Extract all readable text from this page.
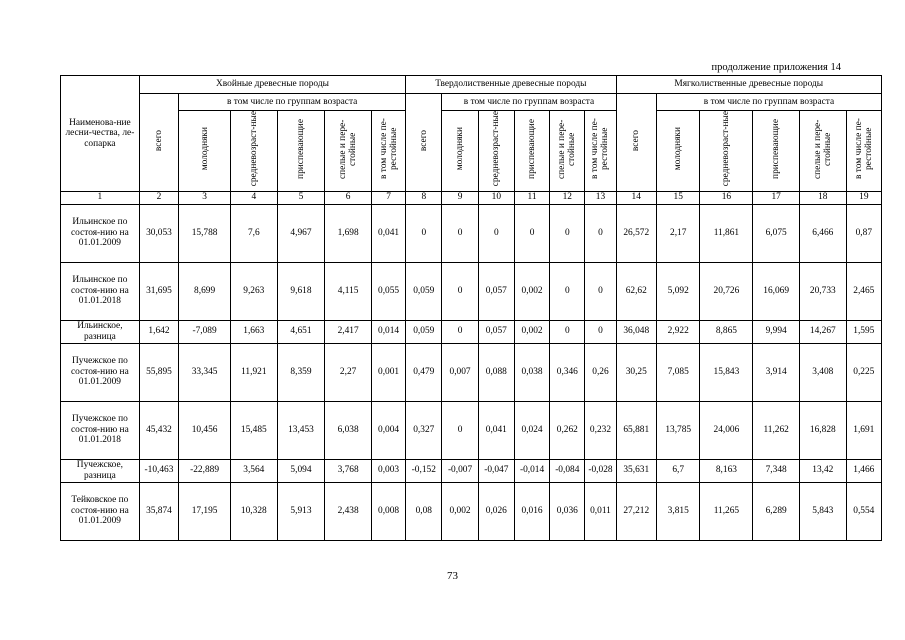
продолжение приложения 14
Наименова-ние лесни-чества, ле-сопарка	Хвойные древесные породы						Твердолиственные древесные породы						Мягколиственные древесные породы					
	всего	в том числе по группам возраста					всего	в том числе по группам возраста					всего	в том числе по группам возраста				
		молодняки	средневозраст-ные	приспевающие	спелые и пере-стойные	в том числе пе-рестойные		молодняки	средневозраст-ные	приспевающие	спелые и пере-стойные	в том числе пе-рестойные		молодняки	средневозраст-ные	приспевающие	спелые и пере-стойные	в том числе пе-рестойные
1	2	3	4	5	6	7	8	9	10	11	12	13	14	15	16	17	18	19
Ильинское по состоя-нию на 01.01.2009	30,053	15,788	7,6	4,967	1,698	0,041	0	0	0	0	0	0	26,572	2,17	11,861	6,075	6,466	0,87
Ильинское по состоя-нию на 01.01.2018	31,695	8,699	9,263	9,618	4,115	0,055	0,059	0	0,057	0,002	0	0	62,62	5,092	20,726	16,069	20,733	2,465
Ильинское, разница	1,642	-7,089	1,663	4,651	2,417	0,014	0,059	0	0,057	0,002	0	0	36,048	2,922	8,865	9,994	14,267	1,595
Пучежское по состоя-нию на 01.01.2009	55,895	33,345	11,921	8,359	2,27	0,001	0,479	0,007	0,088	0,038	0,346	0,26	30,25	7,085	15,843	3,914	3,408	0,225
Пучежское по состоя-нию на 01.01.2018	45,432	10,456	15,485	13,453	6,038	0,004	0,327	0	0,041	0,024	0,262	0,232	65,881	13,785	24,006	11,262	16,828	1,691
Пучежское, разница	-10,463	-22,889	3,564	5,094	3,768	0,003	-0,152	-0,007	-0,047	-0,014	-0,084	-0,028	35,631	6,7	8,163	7,348	13,42	1,466
Тейковское по состоя-нию на 01.01.2009	35,874	17,195	10,328	5,913	2,438	0,008	0,08	0,002	0,026	0,016	0,036	0,011	27,212	3,815	11,265	6,289	5,843	0,554
73
